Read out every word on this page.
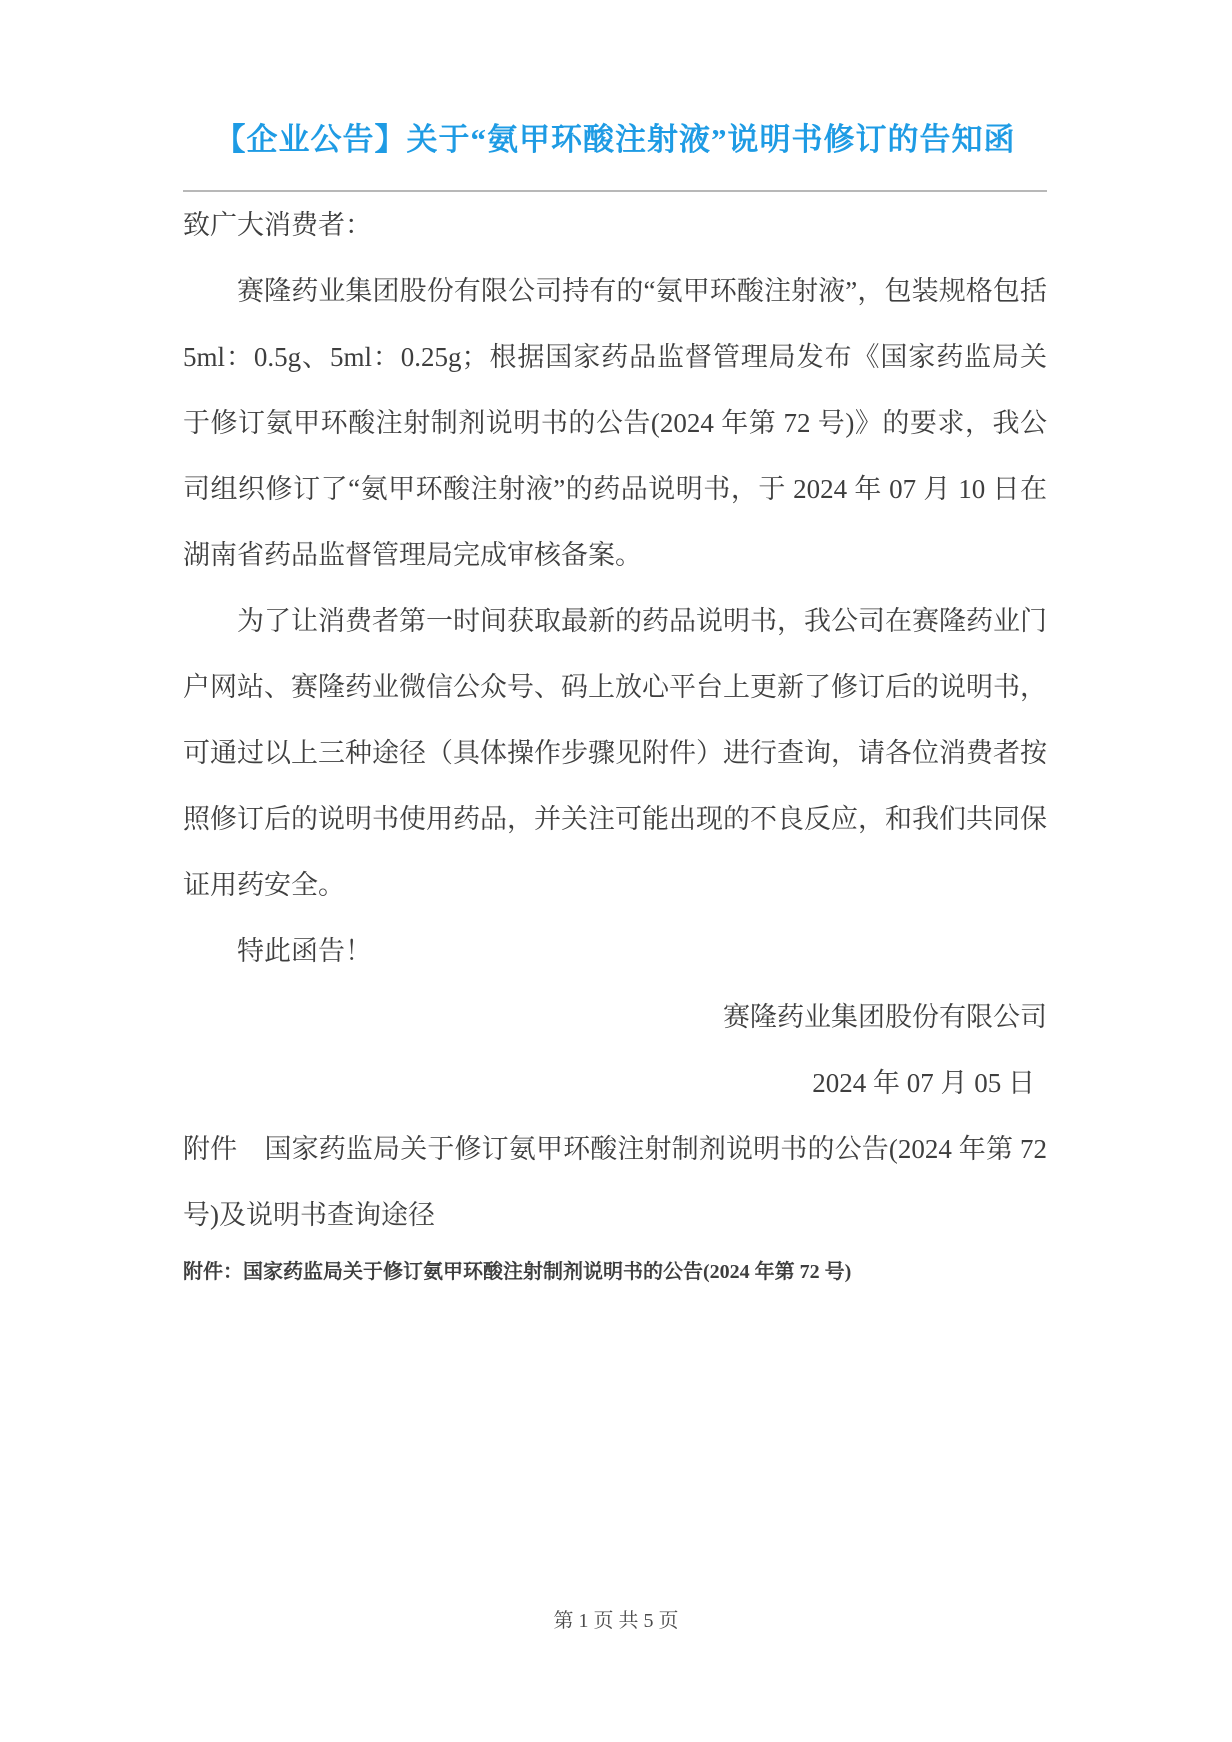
【企业公告】关于“氨甲环酸注射液”说明书修订的告知函

致广大消费者：

赛隆药业集团股份有限公司持有的“氨甲环酸注射液”，包装规格包括 5ml：0.5g、5ml：0.25g；根据国家药品监督管理局发布《国家药监局关于修订氨甲环酸注射制剂说明书的公告(2024 年第 72 号)》的要求，我公司组织修订了“氨甲环酸注射液”的药品说明书，于 2024 年 07 月 10 日在湖南省药品监督管理局完成审核备案。

为了让消费者第一时间获取最新的药品说明书，我公司在赛隆药业门户网站、赛隆药业微信公众号、码上放心平台上更新了修订后的说明书，可通过以上三种途径（具体操作步骤见附件）进行查询，请各位消费者按照修订后的说明书使用药品，并关注可能出现的不良反应，和我们共同保证用药安全。

特此函告！

赛隆药业集团股份有限公司

2024 年 07 月 05 日

附件　国家药监局关于修订氨甲环酸注射制剂说明书的公告(2024 年第 72 号)及说明书查询途径

附件：国家药监局关于修订氨甲环酸注射制剂说明书的公告(2024 年第 72 号)
第 1 页 共 5 页
